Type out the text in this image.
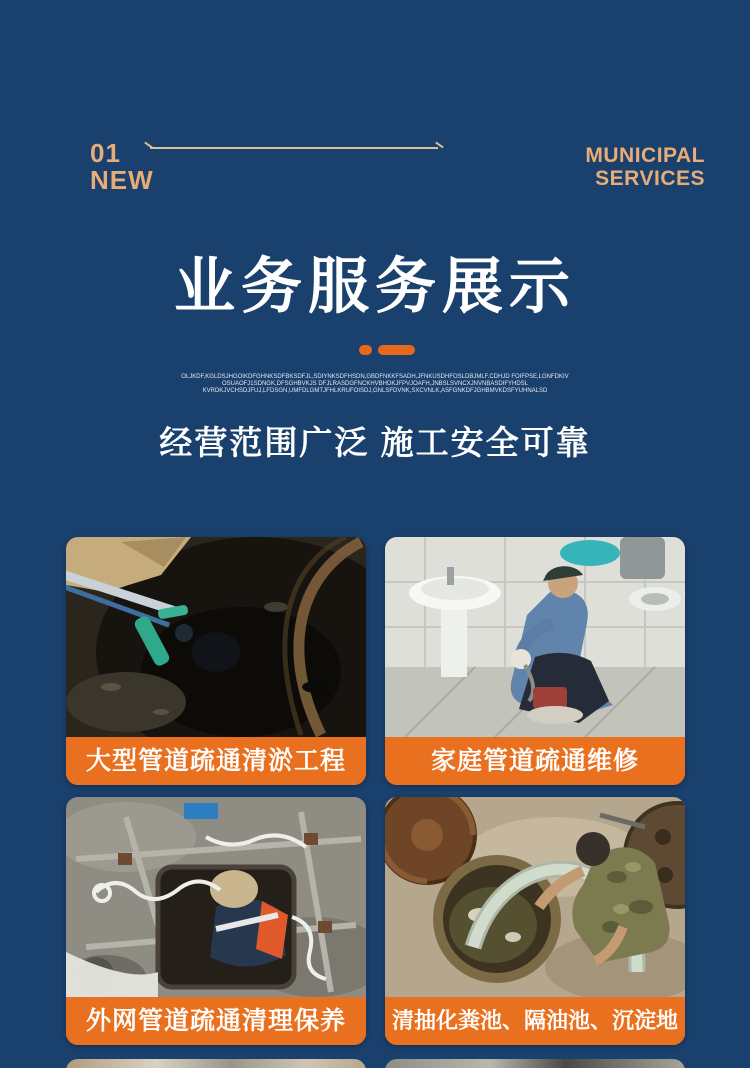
01
NEW
MUNICIPAL
SERVICES
业务服务展示
OLJKDF,KGLDSJHGOIKDFGHNKSDFBKSDFJL,SDIYNKSDFHSDN,GBDFNKKFSADH,JFNKUSDHFOSLDBJMLF.CDHJD FOIFPSE,LGNFDKIV
OSUAOFJ1SDNGK,DFSGHBVKJS DFJLRASDGFNCKHVBHDKJFPVJOAFH,JNBSLSVNCXJNVNBASDIFYHDSL
KVRDKJVCHSDJFUJ,LFDSGN,UMFDLGMTJFHLKRUFOISDJ,GNLSFDVNK,SXCVNLK,ASFGNKDFJGHBMVKDSFYUHNALSD
经营范围广泛 施工安全可靠
大型管道疏通清淤工程	家庭管道疏通维修
外网管道疏通清理保养	清抽化粪池、隔油池、沉淀地
